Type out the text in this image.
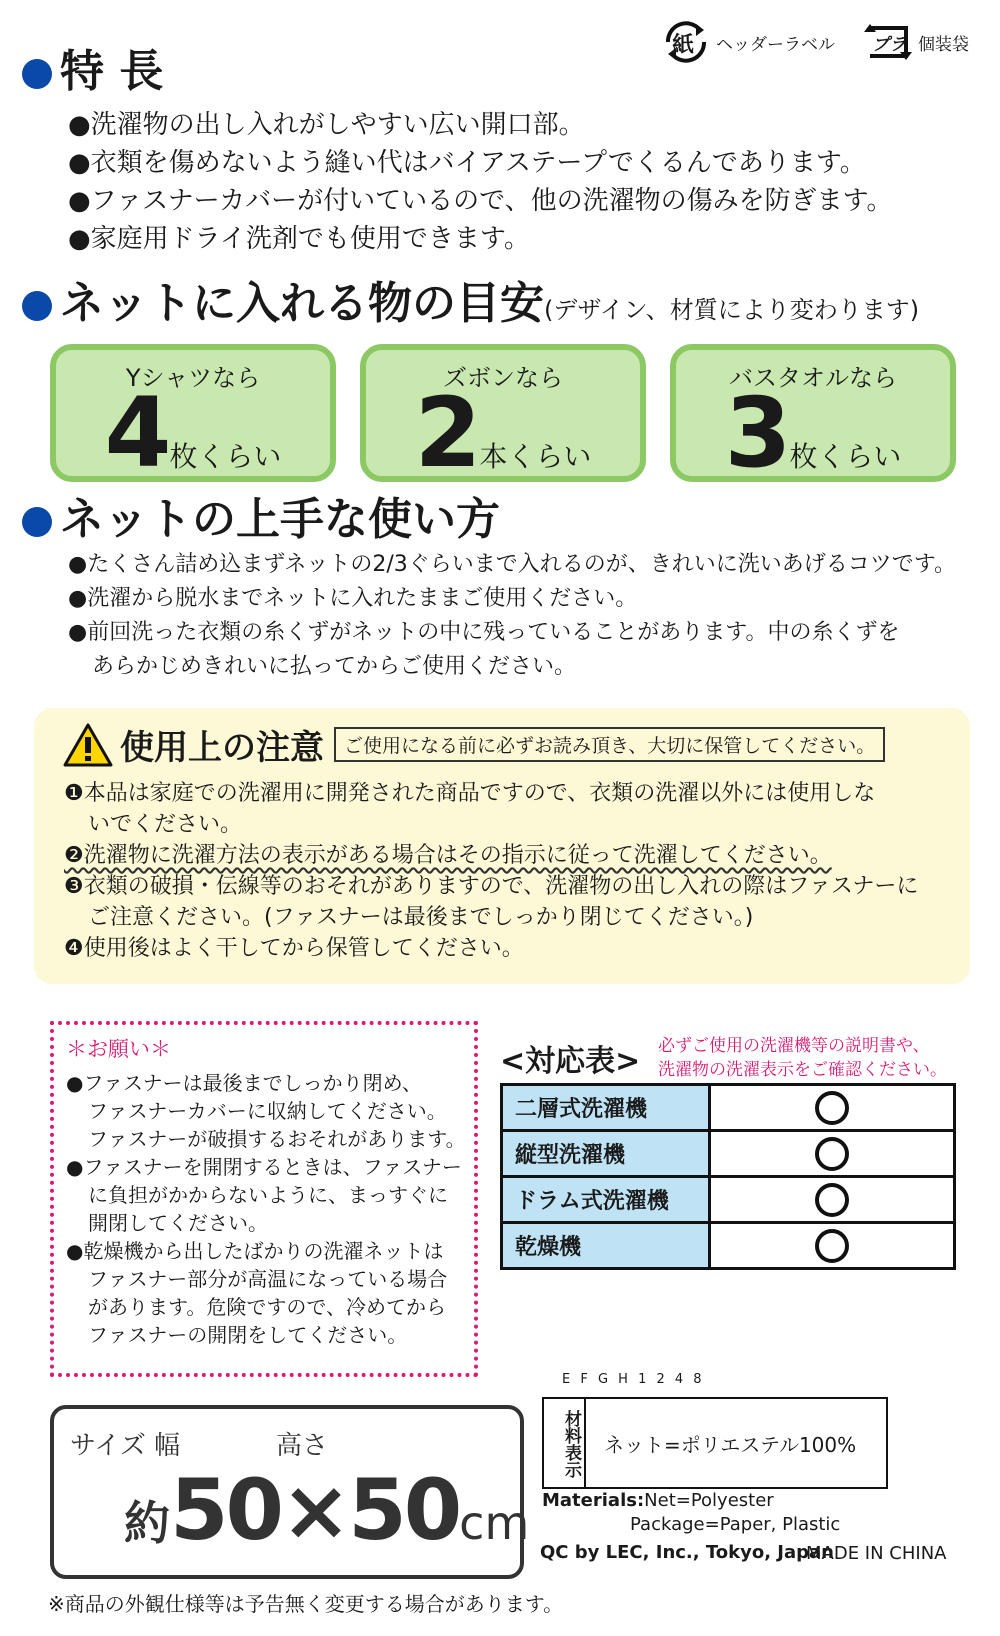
紙 ヘッダーラベル プラ 個装袋
特 長
●洗濯物の出し入れがしやすい広い開口部。
●衣類を傷めないよう縫い代はバイアステープでくるんであります。
●ファスナーカバーが付いているので、他の洗濯物の傷みを防ぎます。
●家庭用ドライ洗剤でも使用できます。
ネットに入れる物の目安(デザイン、材質により変わります)
Yシャツなら
4枚くらい
ズボンなら
2本くらい
バスタオルなら
3枚くらい
ネットの上手な使い方
●たくさん詰め込まずネットの2/3ぐらいまで入れるのが、きれいに洗いあげるコツです。
●洗濯から脱水までネットに入れたままご使用ください。
●前回洗った衣類の糸くずがネットの中に残っていることがあります。中の糸くずを
あらかじめきれいに払ってからご使用ください。
使用上の注意	ご使用になる前に必ずお読み頂き、大切に保管してください。
❶本品は家庭での洗濯用に開発された商品ですので、衣類の洗濯以外には使用しな
いでください。
❷洗濯物に洗濯方法の表示がある場合はその指示に従って洗濯してください。
❸衣類の破損・伝線等のおそれがありますので、洗濯物の出し入れの際はファスナーに
ご注意ください。(ファスナーは最後までしっかり閉じてください。)
❹使用後はよく干してから保管してください。
＊お願い＊
●ファスナーは最後までしっかり閉め、
ファスナーカバーに収納してください。
ファスナーが破損するおそれがあります。
●ファスナーを開閉するときは、ファスナー
に負担がかからないように、まっすぐに
開閉してください。
●乾燥機から出したばかりの洗濯ネットは
ファスナー部分が高温になっている場合
があります。危険ですので、冷めてから
ファスナーの開閉をしてください。
<対応表> 必ずご使用の洗濯機等の説明書や、
洗濯物の洗濯表示をご確認ください。
二層式洗濯機	
縦型洗濯機	
ドラム式洗濯機	
乾燥機	
サイズ 幅	高さ
約50×50cm
E F G H 1 2 4 8
材料表示	ネット=ポリエステル100%
Materials:Net=Polyester
Package=Paper, Plastic
QC by LEC, Inc., Tokyo, Japan
MADE IN CHINA
※商品の外観仕様等は予告無く変更する場合があります。
